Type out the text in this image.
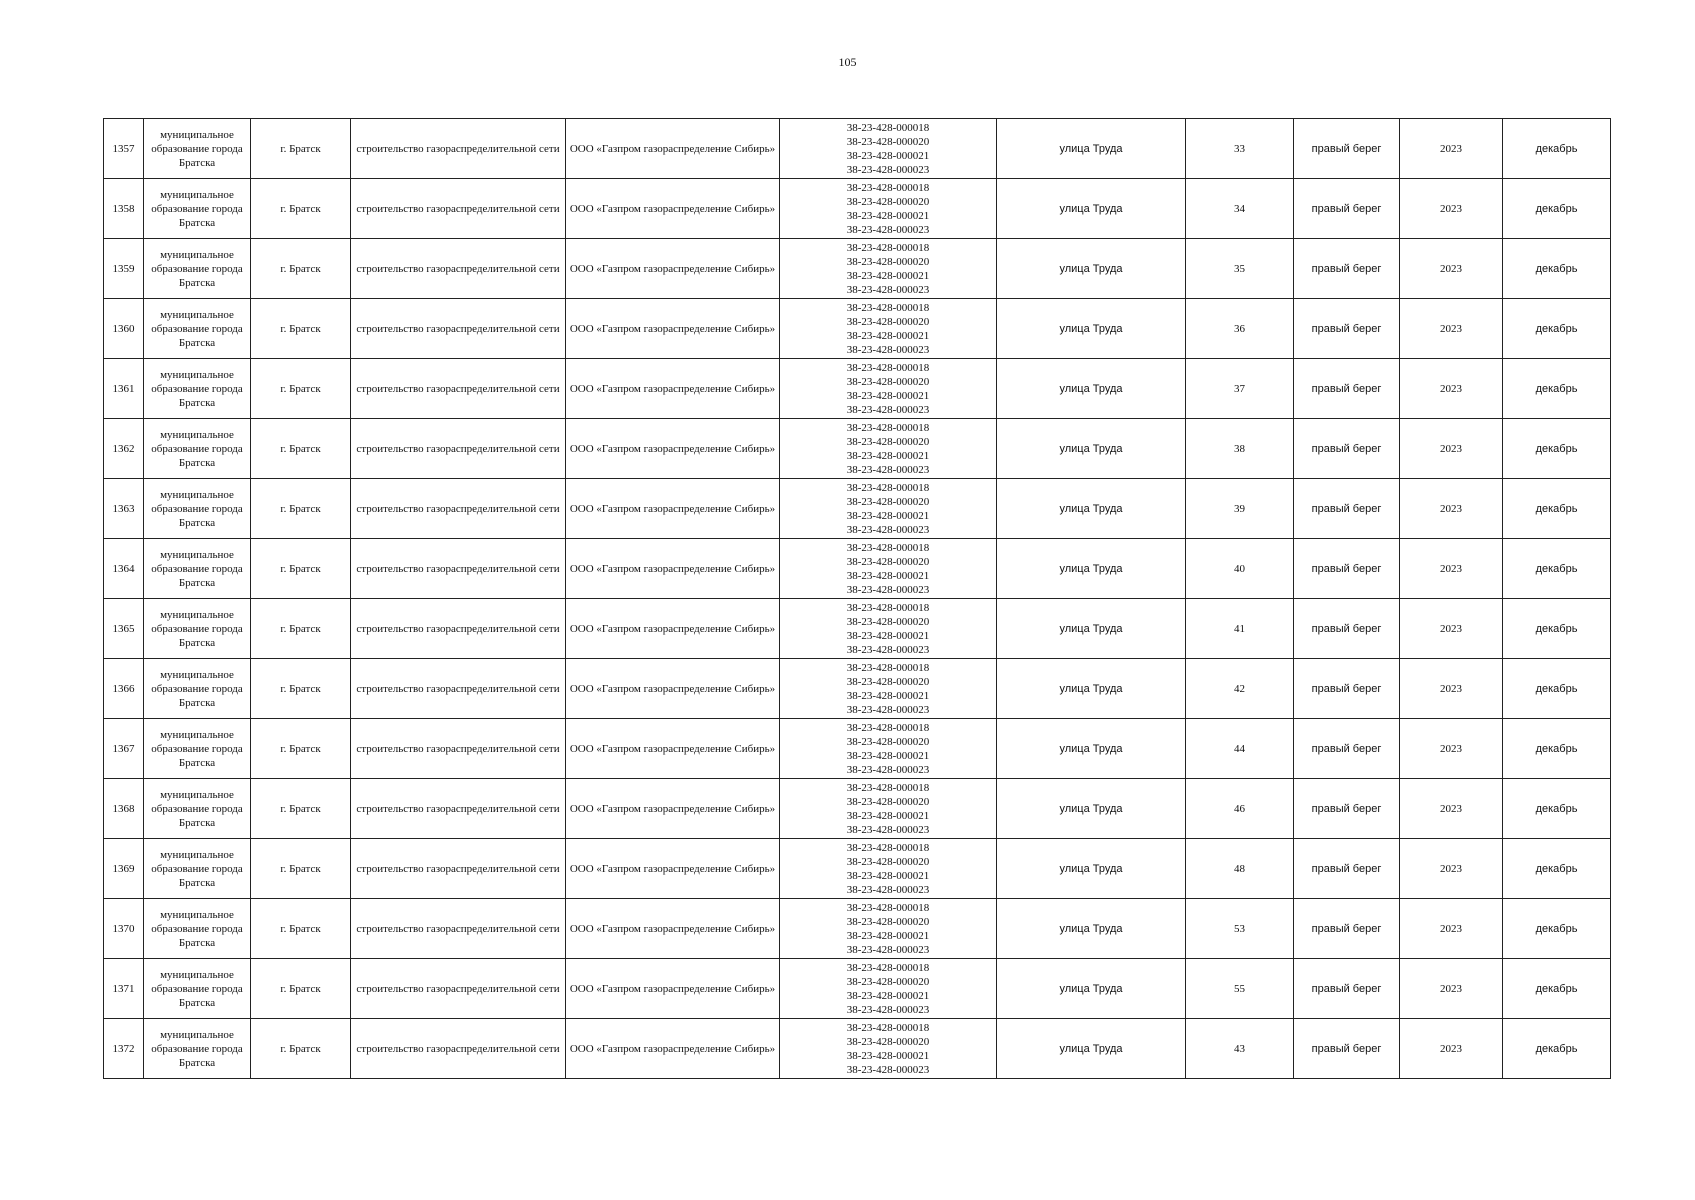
105
1357	муниципальное
образование города
Братска	г. Братск	строительство газораспределительной сети	ООО «Газпром газораспределение Сибирь»	38-23-428-000018
38-23-428-000020
38-23-428-000021
38-23-428-000023	улица Труда	33	правый берег	2023	декабрь
1358	муниципальное
образование города
Братска	г. Братск	строительство газораспределительной сети	ООО «Газпром газораспределение Сибирь»	38-23-428-000018
38-23-428-000020
38-23-428-000021
38-23-428-000023	улица Труда	34	правый берег	2023	декабрь
1359	муниципальное
образование города
Братска	г. Братск	строительство газораспределительной сети	ООО «Газпром газораспределение Сибирь»	38-23-428-000018
38-23-428-000020
38-23-428-000021
38-23-428-000023	улица Труда	35	правый берег	2023	декабрь
1360	муниципальное
образование города
Братска	г. Братск	строительство газораспределительной сети	ООО «Газпром газораспределение Сибирь»	38-23-428-000018
38-23-428-000020
38-23-428-000021
38-23-428-000023	улица Труда	36	правый берег	2023	декабрь
1361	муниципальное
образование города
Братска	г. Братск	строительство газораспределительной сети	ООО «Газпром газораспределение Сибирь»	38-23-428-000018
38-23-428-000020
38-23-428-000021
38-23-428-000023	улица Труда	37	правый берег	2023	декабрь
1362	муниципальное
образование города
Братска	г. Братск	строительство газораспределительной сети	ООО «Газпром газораспределение Сибирь»	38-23-428-000018
38-23-428-000020
38-23-428-000021
38-23-428-000023	улица Труда	38	правый берег	2023	декабрь
1363	муниципальное
образование города
Братска	г. Братск	строительство газораспределительной сети	ООО «Газпром газораспределение Сибирь»	38-23-428-000018
38-23-428-000020
38-23-428-000021
38-23-428-000023	улица Труда	39	правый берег	2023	декабрь
1364	муниципальное
образование города
Братска	г. Братск	строительство газораспределительной сети	ООО «Газпром газораспределение Сибирь»	38-23-428-000018
38-23-428-000020
38-23-428-000021
38-23-428-000023	улица Труда	40	правый берег	2023	декабрь
1365	муниципальное
образование города
Братска	г. Братск	строительство газораспределительной сети	ООО «Газпром газораспределение Сибирь»	38-23-428-000018
38-23-428-000020
38-23-428-000021
38-23-428-000023	улица Труда	41	правый берег	2023	декабрь
1366	муниципальное
образование города
Братска	г. Братск	строительство газораспределительной сети	ООО «Газпром газораспределение Сибирь»	38-23-428-000018
38-23-428-000020
38-23-428-000021
38-23-428-000023	улица Труда	42	правый берег	2023	декабрь
1367	муниципальное
образование города
Братска	г. Братск	строительство газораспределительной сети	ООО «Газпром газораспределение Сибирь»	38-23-428-000018
38-23-428-000020
38-23-428-000021
38-23-428-000023	улица Труда	44	правый берег	2023	декабрь
1368	муниципальное
образование города
Братска	г. Братск	строительство газораспределительной сети	ООО «Газпром газораспределение Сибирь»	38-23-428-000018
38-23-428-000020
38-23-428-000021
38-23-428-000023	улица Труда	46	правый берег	2023	декабрь
1369	муниципальное
образование города
Братска	г. Братск	строительство газораспределительной сети	ООО «Газпром газораспределение Сибирь»	38-23-428-000018
38-23-428-000020
38-23-428-000021
38-23-428-000023	улица Труда	48	правый берег	2023	декабрь
1370	муниципальное
образование города
Братска	г. Братск	строительство газораспределительной сети	ООО «Газпром газораспределение Сибирь»	38-23-428-000018
38-23-428-000020
38-23-428-000021
38-23-428-000023	улица Труда	53	правый берег	2023	декабрь
1371	муниципальное
образование города
Братска	г. Братск	строительство газораспределительной сети	ООО «Газпром газораспределение Сибирь»	38-23-428-000018
38-23-428-000020
38-23-428-000021
38-23-428-000023	улица Труда	55	правый берег	2023	декабрь
1372	муниципальное
образование города
Братска	г. Братск	строительство газораспределительной сети	ООО «Газпром газораспределение Сибирь»	38-23-428-000018
38-23-428-000020
38-23-428-000021
38-23-428-000023	улица Труда	43	правый берег	2023	декабрь
